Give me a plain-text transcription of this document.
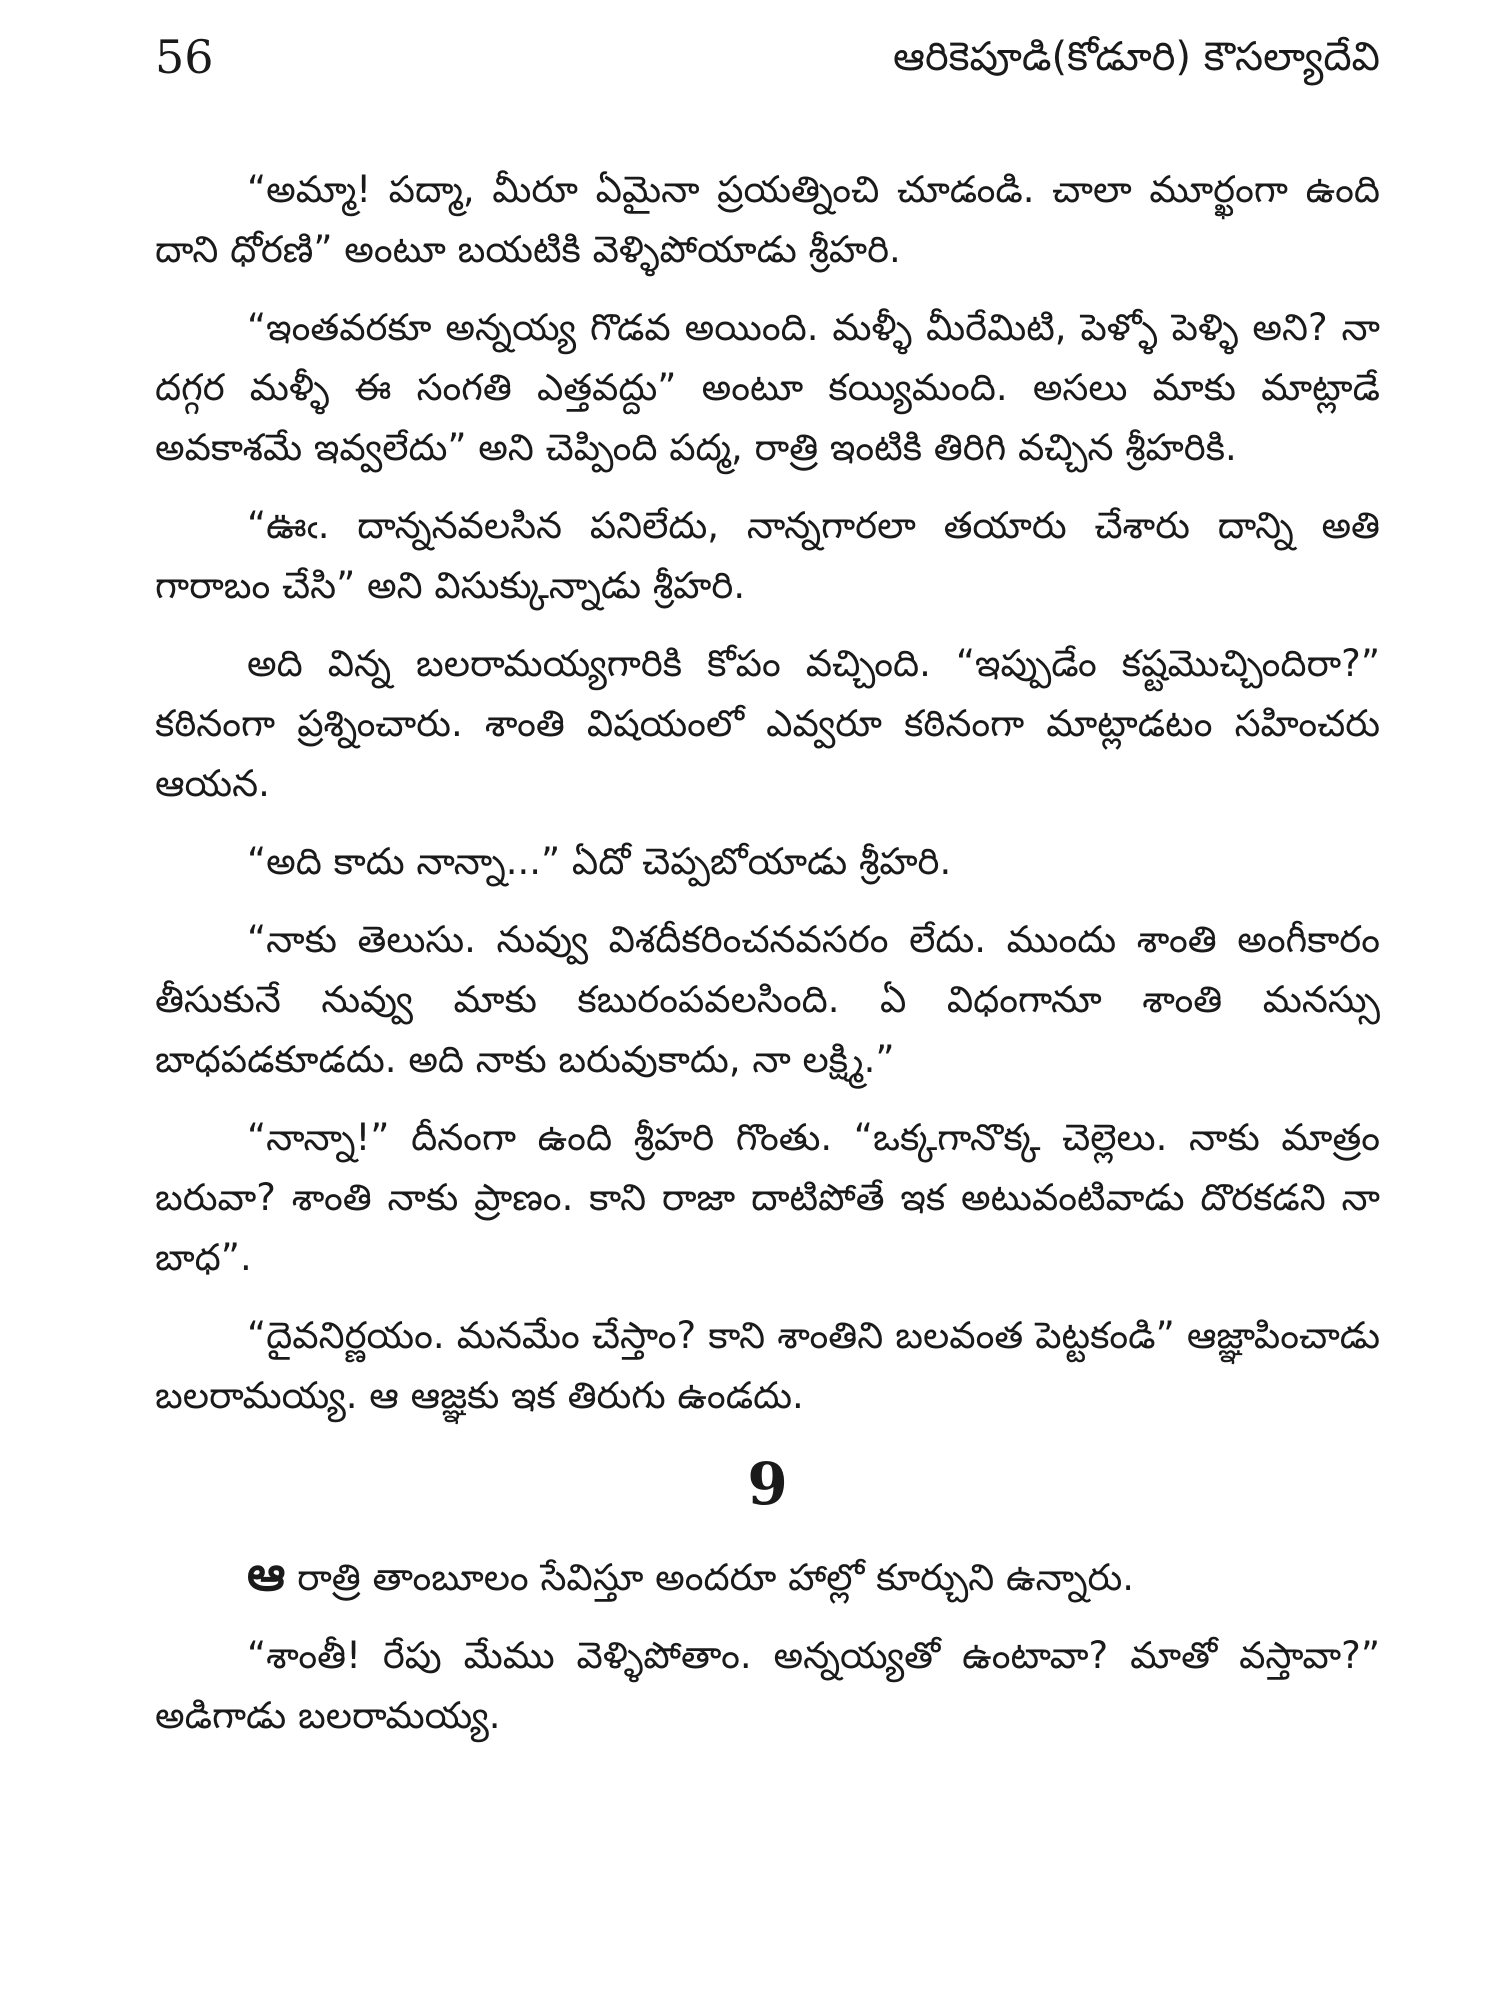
56	ఆరికెపూడి(కోడూరి) కౌసల్యాదేవి

“అమ్మా! పద్మా, మీరూ ఏమైనా ప్రయత్నించి చూడండి. చాలా మూర్ఖంగా ఉంది దాని ధోరణి” అంటూ బయటికి వెళ్ళిపోయాడు శ్రీహరి.

“ఇంతవరకూ అన్నయ్య గొడవ అయింది. మళ్ళీ మీరేమిటి, పెళ్ళో పెళ్ళి అని? నా దగ్గర మళ్ళీ ఈ సంగతి ఎత్తవద్దు” అంటూ కయ్యిమంది. అసలు మాకు మాట్లాడే అవకాశమే ఇవ్వలేదు” అని చెప్పింది పద్మ, రాత్రి ఇంటికి తిరిగి వచ్చిన శ్రీహరికి.

“ఊఁ. దాన్ననవలసిన పనిలేదు, నాన్నగారలా తయారు చేశారు దాన్ని అతి గారాబం చేసి” అని విసుక్కున్నాడు శ్రీహరి.

అది విన్న బలరామయ్యగారికి కోపం వచ్చింది. “ఇప్పుడేం కష్టమొచ్చిందిరా?” కఠినంగా ప్రశ్నించారు. శాంతి విషయంలో ఎవ్వరూ కఠినంగా మాట్లాడటం సహించరు ఆయన.

“అది కాదు నాన్నా...” ఏదో చెప్పబోయాడు శ్రీహరి.

“నాకు తెలుసు. నువ్వు విశదీకరించనవసరం లేదు. ముందు శాంతి అంగీకారం తీసుకునే నువ్వు మాకు కబురంపవలసింది. ఏ విధంగానూ శాంతి మనస్సు బాధపడకూడదు. అది నాకు బరువుకాదు, నా లక్ష్మి.”

“నాన్నా!” దీనంగా ఉంది శ్రీహరి గొంతు. “ఒక్కగానొక్క చెల్లెలు. నాకు మాత్రం బరువా? శాంతి నాకు ప్రాణం. కాని రాజా దాటిపోతే ఇక అటువంటివాడు దొరకడని నా బాధ”.

“దైవనిర్ణయం. మనమేం చేస్తాం? కాని శాంతిని బలవంత పెట్టకండి” ఆజ్ఞాపించాడు బలరామయ్య. ఆ ఆజ్ఞకు ఇక తిరుగు ఉండదు.

9

ఆ రాత్రి తాంబూలం సేవిస్తూ అందరూ హాల్లో కూర్చుని ఉన్నారు.

“శాంతీ! రేపు మేము వెళ్ళిపోతాం. అన్నయ్యతో ఉంటావా? మాతో వస్తావా?” అడిగాడు బలరామయ్య.
